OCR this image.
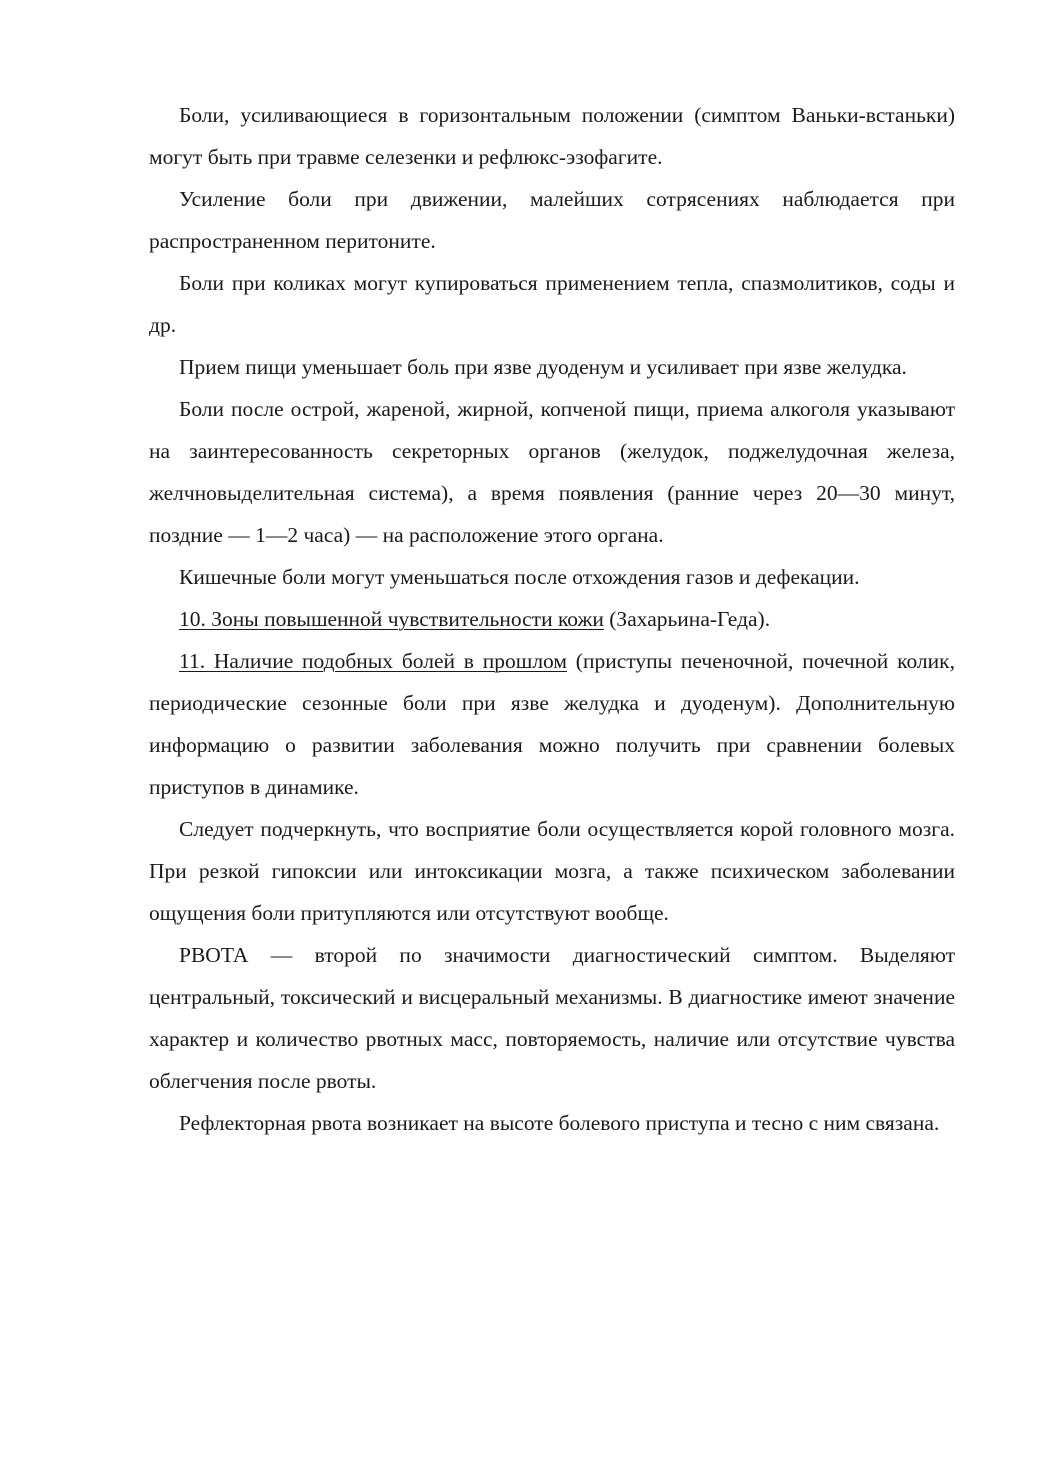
Боли, усиливающиеся в горизонтальным положении (симптом Ваньки-встаньки) могут быть при травме селезенки и рефлюкс-эзофагите.

Усиление боли при движении, малейших сотрясениях наблюдается при распространенном перитоните.

Боли при коликах могут купироваться применением тепла, спазмолитиков, соды и др.

Прием пищи уменьшает боль при язве дуоденум и усиливает при язве желудка.

Боли после острой, жареной, жирной, копченой пищи, приема алкоголя указывают на заинтересованность секреторных органов (желудок, поджелудочная железа, желчновыделительная система), а время появления (ранние через 20—30 минут, поздние — 1—2 часа) — на расположение этого органа.

Кишечные боли могут уменьшаться после отхождения газов и дефекации.

10. Зоны повышенной чувствительности кожи (Захарьина-Геда).

11. Наличие подобных болей в прошлом (приступы печеночной, почечной колик, периодические сезонные боли при язве желудка и дуоденум). Дополнительную информацию о развитии заболевания можно получить при сравнении болевых приступов в динамике.

Следует подчеркнуть, что восприятие боли осуществляется корой головного мозга. При резкой гипоксии или интоксикации мозга, а также психическом заболевании ощущения боли притупляются или отсутствуют вообще.

РВОТА — второй по значимости диагностический симптом. Выделяют центральный, токсический и висцеральный механизмы. В диагностике имеют значение характер и количество рвотных масс, повторяемость, наличие или отсутствие чувства облегчения после рвоты.

Рефлекторная рвота возникает на высоте болевого приступа и тесно с ним связана.
